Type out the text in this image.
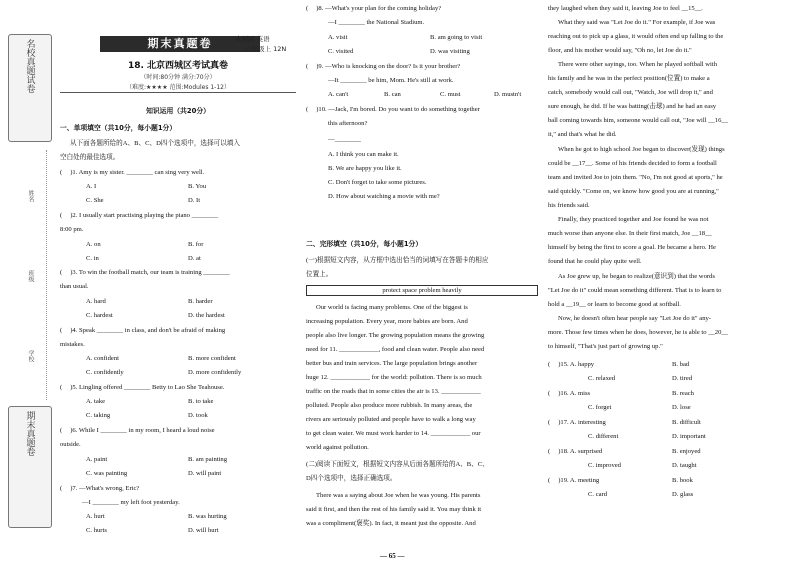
名校真题试卷
姓名
班级
学校
期末真题卷
期末真题卷	真题圈 英语
八年级上 12N
18. 北京西城区考试真卷
（时间:80分钟 满分:70分）
（难度:★★★★ 范围:Modules 1-12）
知识运用（共20分）
一、单项填空（共10分，每小题1分）
从下面各题所给的A、B、C、D四个选项中，选择可以填入
空白处的最佳选项。
( )1. Amy is my sister. ________ can sing very well.
A. I	B. You
C. She	D. It
( )2. I usually start practising playing the piano ________
8:00 pm.
A. on	B. for
C. in	D. at
( )3. To win the football match, our team is training ________
than usual.
A. hard	B. harder
C. hardest	D. the hardest
( )4. Speak ________ in class, and don't be afraid of making
mistakes.
A. confident	B. more confident
C. confidently	D. more confidently
( )5. Lingling offered ________ Betty to Lao She Teahouse.
A. take	B. to take
C. taking	D. took
( )6. While I ________ in my room, I heard a loud noise
outside.
A. paint	B. am painting
C. was painting	D. will paint
( )7. —What's wrong, Eric?
—I ________ my left foot yesterday.
A. hurt	B. was hurting
C. hurts	D. will hurt
( )8. —What's your plan for the coming holiday?
—I ________ the National Stadium.
A. visit	B. am going to visit
C. visited	D. was visiting
( )9. —Who is knocking on the door? Is it your brother?
—It ________ be him, Mom. He's still at work.
A. can't	B. can	C. must	D. mustn't
( )10. —Jack, I'm bored. Do you want to do something together
this afternoon?
—________
A. I think you can make it.
B. We are happy you like it.
C. Don't forget to take some pictures.
D. How about watching a movie with me?
二、完形填空（共10分，每小题1分）
(一)根据短文内容，从方框中选出恰当的词填写在答题卡的相应
位置上。
protect space problem heavily
Our world is facing many problems. One of the biggest is
increasing population. Every year, more babies are born. And
people also live longer. The growing population means the growing
need for 11. ____________, food and clean water. People also need
better bus and train services. The large population brings another
huge 12. ____________ for the world: pollution. There is so much
traffic on the roads that in some cities the air is 13. ____________
polluted. People also produce more rubbish. In many areas, the
rivers are seriously polluted and people have to walk a long way
to get clean water. We must work harder to 14. ____________ our
world against pollution.
(二)阅读下面短文，根据短文内容从后面各题所给的A、B、C、
D四个选项中，选择正确选项。
There was a saying about Joe when he was young. His parents
said it first, and then the rest of his family said it. You may think it
was a compliment(褒奖). In fact, it meant just the opposite. And
they laughed when they said it, leaving Joe to feel __15__.
What they said was "Let Joe do it." For example, if Joe was
reaching out to pick up a glass, it would often end up falling to the
floor, and his mother would say, "Oh no, let Joe do it."
There were other sayings, too. When he played softball with
his family and he was in the perfect position(位置) to make a
catch, somebody would call out, "Watch, Joe will drop it," and
sure enough, he did. If he was batting(击球) and he had an easy
ball coming towards him, someone would call out, "Joe will __16__
it," and that's what he did.
When he got to high school Joe began to discover(发现) things
could be __17__. Some of his friends decided to form a football
team and invited Joe to join them. "No, I'm not good at sports," he
said quickly. "Come on, we know how good you are at running,"
his friends said.
Finally, they practiced together and Joe found he was not
much worse than anyone else. In their first match, Joe __18__
himself by being the first to score a goal. He became a hero. He
found that he could play quite well.
As Joe grew up, he began to realize(意识到) that the words
"Let Joe do it" could mean something different. That is to learn to
hold a __19__ or learn to become good at softball.
Now, he doesn't often hear people say "Let Joe do it" any-
more. Those few times when he does, however, he is able to __20__
to himself, "That's just part of growing up."
( )15. A. happy	B. bad
C. relaxed	D. tired
( )16. A. miss	B. reach
C. forget	D. lose
( )17. A. interesting	B. difficult
C. different	D. important
( )18. A. surprised	B. enjoyed
C. improved	D. taught
( )19. A. meeting	B. book
C. card	D. glass
— 65 —
